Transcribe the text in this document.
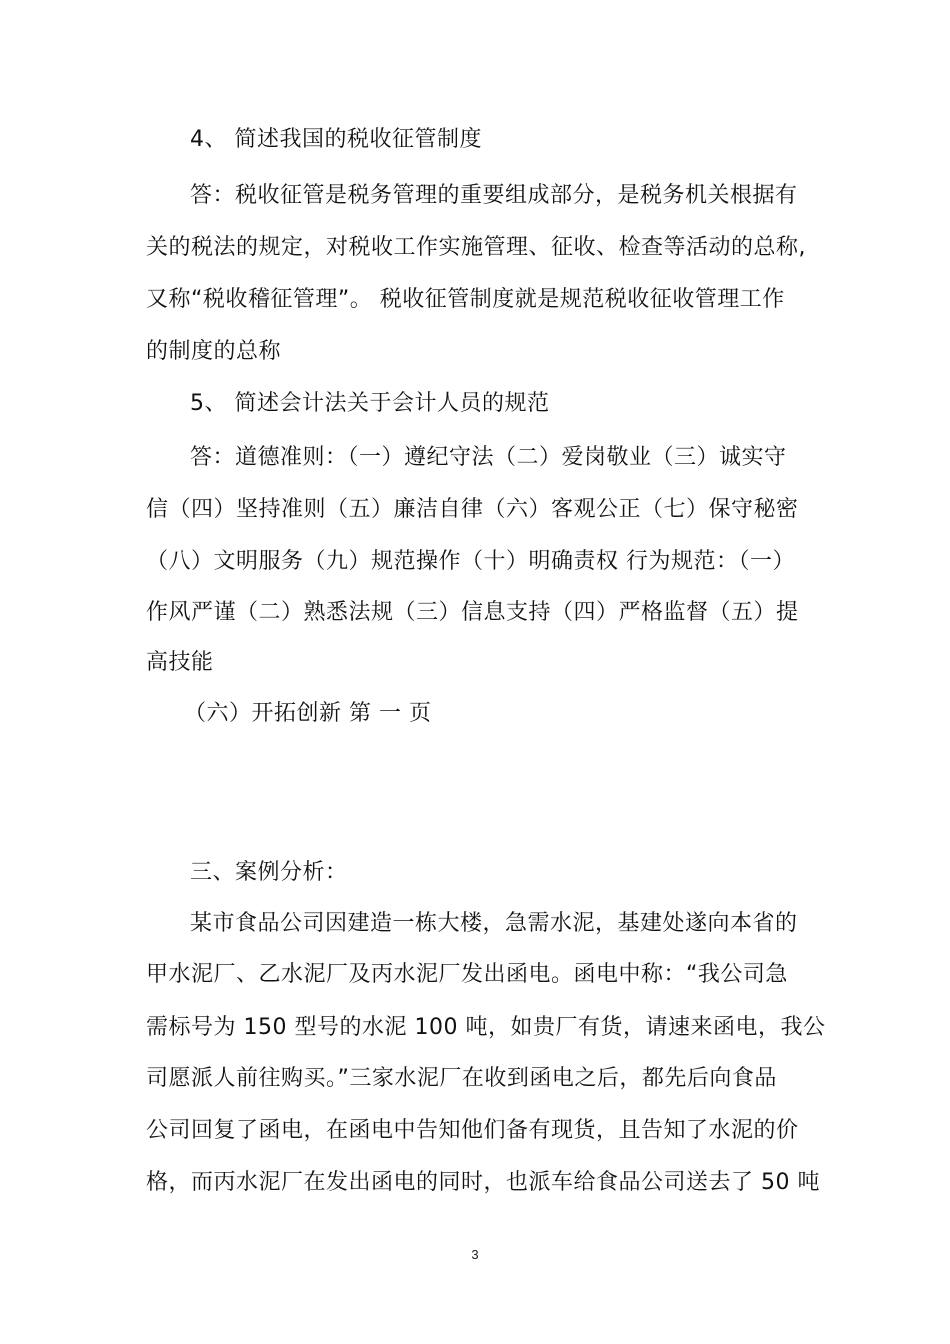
4、 简述我国的税收征管制度
答：税收征管是税务管理的重要组成部分，是税务机关根据有
关的税法的规定，对税收工作实施管理、征收、检查等活动的总称,
又称“税收稽征管理”。 税收征管制度就是规范税收征收管理工作
的制度的总称
5、 简述会计法关于会计人员的规范
答：道德准则：（一）遵纪守法（二）爱岗敬业（三）诚实守
信（四）坚持准则（五）廉洁自律（六）客观公正（七）保守秘密
（八）文明服务（九）规范操作（十）明确责权 行为规范：（一）
作风严谨（二）熟悉法规（三）信息支持（四）严格监督（五）提
高技能
（六）开拓创新 第 一 页
三、案例分析：
某市食品公司因建造一栋大楼，急需水泥，基建处遂向本省的
甲水泥厂、乙水泥厂及丙水泥厂发出函电。函电中称：“我公司急
需标号为 150 型号的水泥 100 吨，如贵厂有货，请速来函电，我公
司愿派人前往购买。”三家水泥厂在收到函电之后，都先后向食品
公司回复了函电，在函电中告知他们备有现货，且告知了水泥的价
格，而丙水泥厂在发出函电的同时，也派车给食品公司送去了 50 吨
3
